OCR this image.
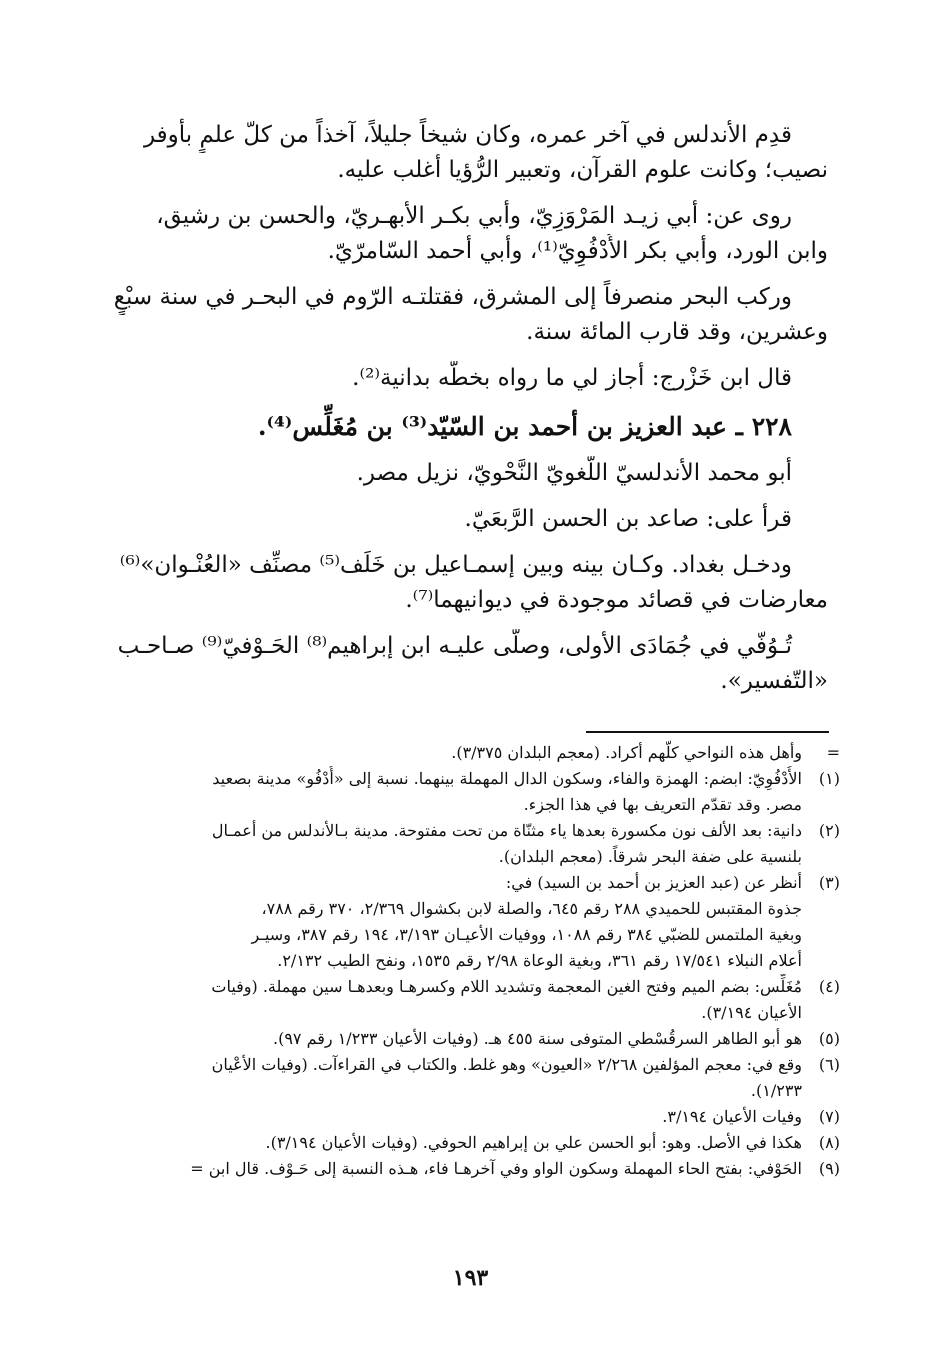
قدِم الأندلس في آخر عمره، وكان شيخاً جليلاً، آخذاً من كلّ علمٍ بأوفر
نصيب؛ وكانت علوم القرآن، وتعبير الرُّؤيا أغلب عليه.
روى عن: أبي زيـد المَرْوَزِيّ، وأبي بكـر الأبهـريّ، والحسن بن رشيق،
وابن الورد، وأبي بكر الأُدْفُوِيّ⁽¹⁾، وأبي أحمد السّامرّيّ.
وركب البحر منصرفاً إلى المشرق، فقتلتـه الرّوم في البحـر في سنة سبْعٍ
وعشرين، وقد قارب المائة سنة.
قال ابن خَزْرج: أجاز لي ما رواه بخطّه بدانية⁽²⁾.
٢٢٨ ـ عبد العزيز بن أحمد بن السّيّد⁽³⁾ بن مُغَلِّس⁽⁴⁾.
أبو محمد الأندلسيّ اللُّغويّ النَّحْويّ، نزيل مصر.
قرأ على: صاعد بن الحسن الرَّبعَيّ.
ودخـل بغداد. وكـان بينه وبين إسمـاعيل بن خَلَف⁽⁵⁾ مصنِّف «العُنْـوان»⁽⁶⁾
معارضات في قصائد موجودة في ديوانيهما⁽⁷⁾.
تُـوُفّي في جُمَادَى الأولى، وصلّى عليـه ابن إبراهيم⁽⁸⁾ الحَـوْفيّ⁽⁹⁾ صـاحـب
«التّفسير».
=
وأهل هذه النواحي كلّهم أكراد. (معجم البلدان ٣/٣٧٥).
(١)
الأُدْفُوِيّ: ابضم: الهمزة والفاء، وسكون الدال المهملة بينهما. نسبة إلى «أُدْفُو» مدينة بصعيد
مصر. وقد تقدّم التعريف بها في هذا الجزء.
(٢)
دانية: بعد الألف نون مكسورة بعدها ياء مثنّاة من تحت مفتوحة. مدينة بـالأندلس من أعمـال
بلنسية على ضفة البحر شرقاً. (معجم البلدان).
(٣)
أنظر عن (عبد العزيز بن أحمد بن السيد) في:
جذوة المقتبس للحميدي ٢٨٨ رقم ٦٤٥، والصلة لابن بكشوال ٢/٣٦٩، ٣٧٠ رقم ٧٨٨،
وبغية الملتمس للضبّي ٣٨٤ رقم ١٠٨٨، ووفيات الأعيـان ٣/١٩٣، ١٩٤ رقم ٣٨٧، وسيـر
أعلام النبلاء ١٧/٥٤١ رقم ٣٦١، وبغية الوعاة ٢/٩٨ رقم ١٥٣٥، ونفح الطيب ٢/١٣٢.
(٤)
مُغَلِّس: بضم الميم وفتح الغين المعجمة وتشديد اللام وكسرهـا وبعدهـا سين مهملة. (وفيات
الأعيان ٣/١٩٤).
(٥)
هو أبو الطاهر السرقُسْطي المتوفى سنة ٤٥٥ هـ. (وفيات الأعيان ١/٢٣٣ رقم ٩٧).
(٦)
وقع في: معجم المؤلفين ٢/٢٦٨ «العيون» وهو غلط. والكتاب في القراءآت. (وفيات الأعْيان
١/٢٣٣).
(٧)
وفيات الأعيان ٣/١٩٤.
(٨)
هكذا في الأصل. وهو: أبو الحسن علي بن إبراهيم الحوفي. (وفيات الأعيان ٣/١٩٤).
(٩)
الحَوْفي: بفتح الحاء المهملة وسكون الواو وفي آخرهـا فاء، هـذه النسبة إلى حَـوْف. قال ابن =
١٩٣
